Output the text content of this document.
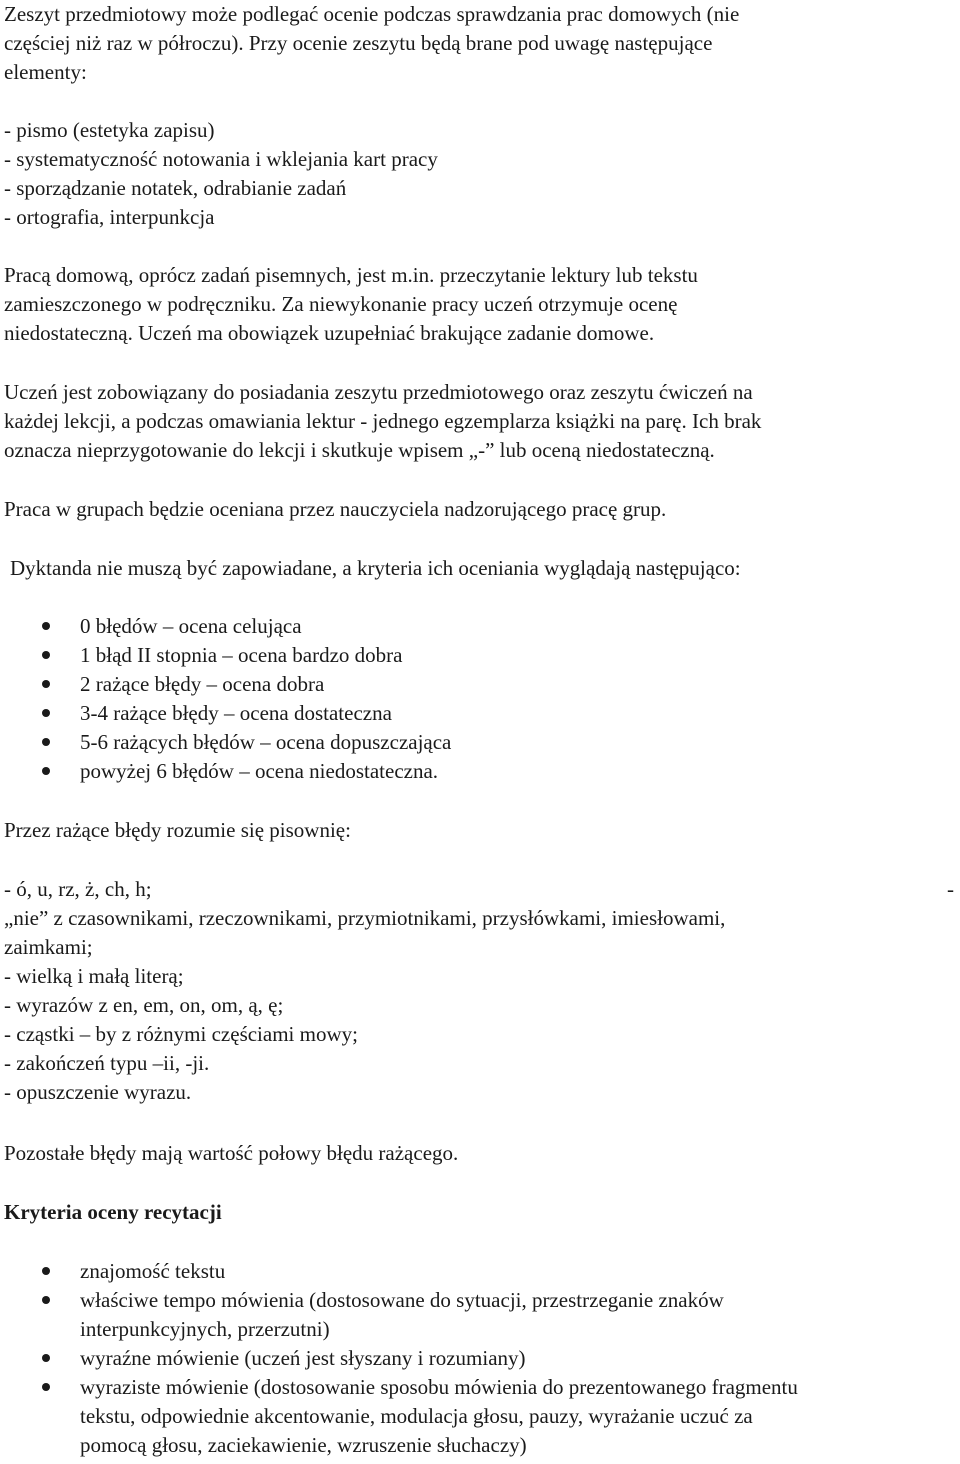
Zeszyt przedmiotowy może podlegać ocenie podczas sprawdzania prac domowych (nie

częściej niż raz w półroczu). Przy ocenie zeszytu będą brane pod uwagę następujące

elementy:

- pismo (estetyka zapisu)

- systematyczność notowania i wklejania kart pracy

- sporządzanie notatek, odrabianie zadań

- ortografia, interpunkcja

Pracą domową, oprócz zadań pisemnych, jest m.in. przeczytanie lektury lub tekstu

zamieszczonego w podręczniku. Za niewykonanie pracy uczeń otrzymuje ocenę

niedostateczną. Uczeń ma obowiązek uzupełniać brakujące zadanie domowe.

Uczeń jest zobowiązany do posiadania zeszytu przedmiotowego oraz zeszytu ćwiczeń na

każdej lekcji, a podczas omawiania lektur - jednego egzemplarza książki na parę. Ich brak

oznacza nieprzygotowanie do lekcji i skutkuje wpisem „-” lub oceną niedostateczną.

Praca w grupach będzie oceniana przez nauczyciela nadzorującego pracę grup.

Dyktanda nie muszą być zapowiadane, a kryteria ich oceniania wyglądają następująco:

0 błędów – ocena celująca
1 błąd II stopnia – ocena bardzo dobra
2 rażące błędy – ocena dobra
3-4 rażące błędy – ocena dostateczna
5-6 rażących błędów – ocena dopuszczająca
powyżej 6 błędów – ocena niedostateczna.

Przez rażące błędy rozumie się pisownię:

- ó, u, rz, ż, ch, h;	-

„nie” z czasownikami, rzeczownikami, przymiotnikami, przysłówkami, imiesłowami,

zaimkami;

- wielką i małą literą;

- wyrazów z en, em, on, om, ą, ę;

- cząstki – by z różnymi częściami mowy;

- zakończeń typu –ii, -ji.

- opuszczenie wyrazu.

Pozostałe błędy mają wartość połowy błędu rażącego.

Kryteria oceny recytacji

znajomość tekstu
właściwe tempo mówienia (dostosowane do sytuacji, przestrzeganie znaków
interpunkcyjnych, przerzutni)
wyraźne mówienie (uczeń jest słyszany i rozumiany)
wyraziste mówienie (dostosowanie sposobu mówienia do prezentowanego fragmentu
tekstu, odpowiednie akcentowanie, modulacja głosu, pauzy, wyrażanie uczuć za
pomocą głosu, zaciekawienie, wzruszenie słuchaczy)
